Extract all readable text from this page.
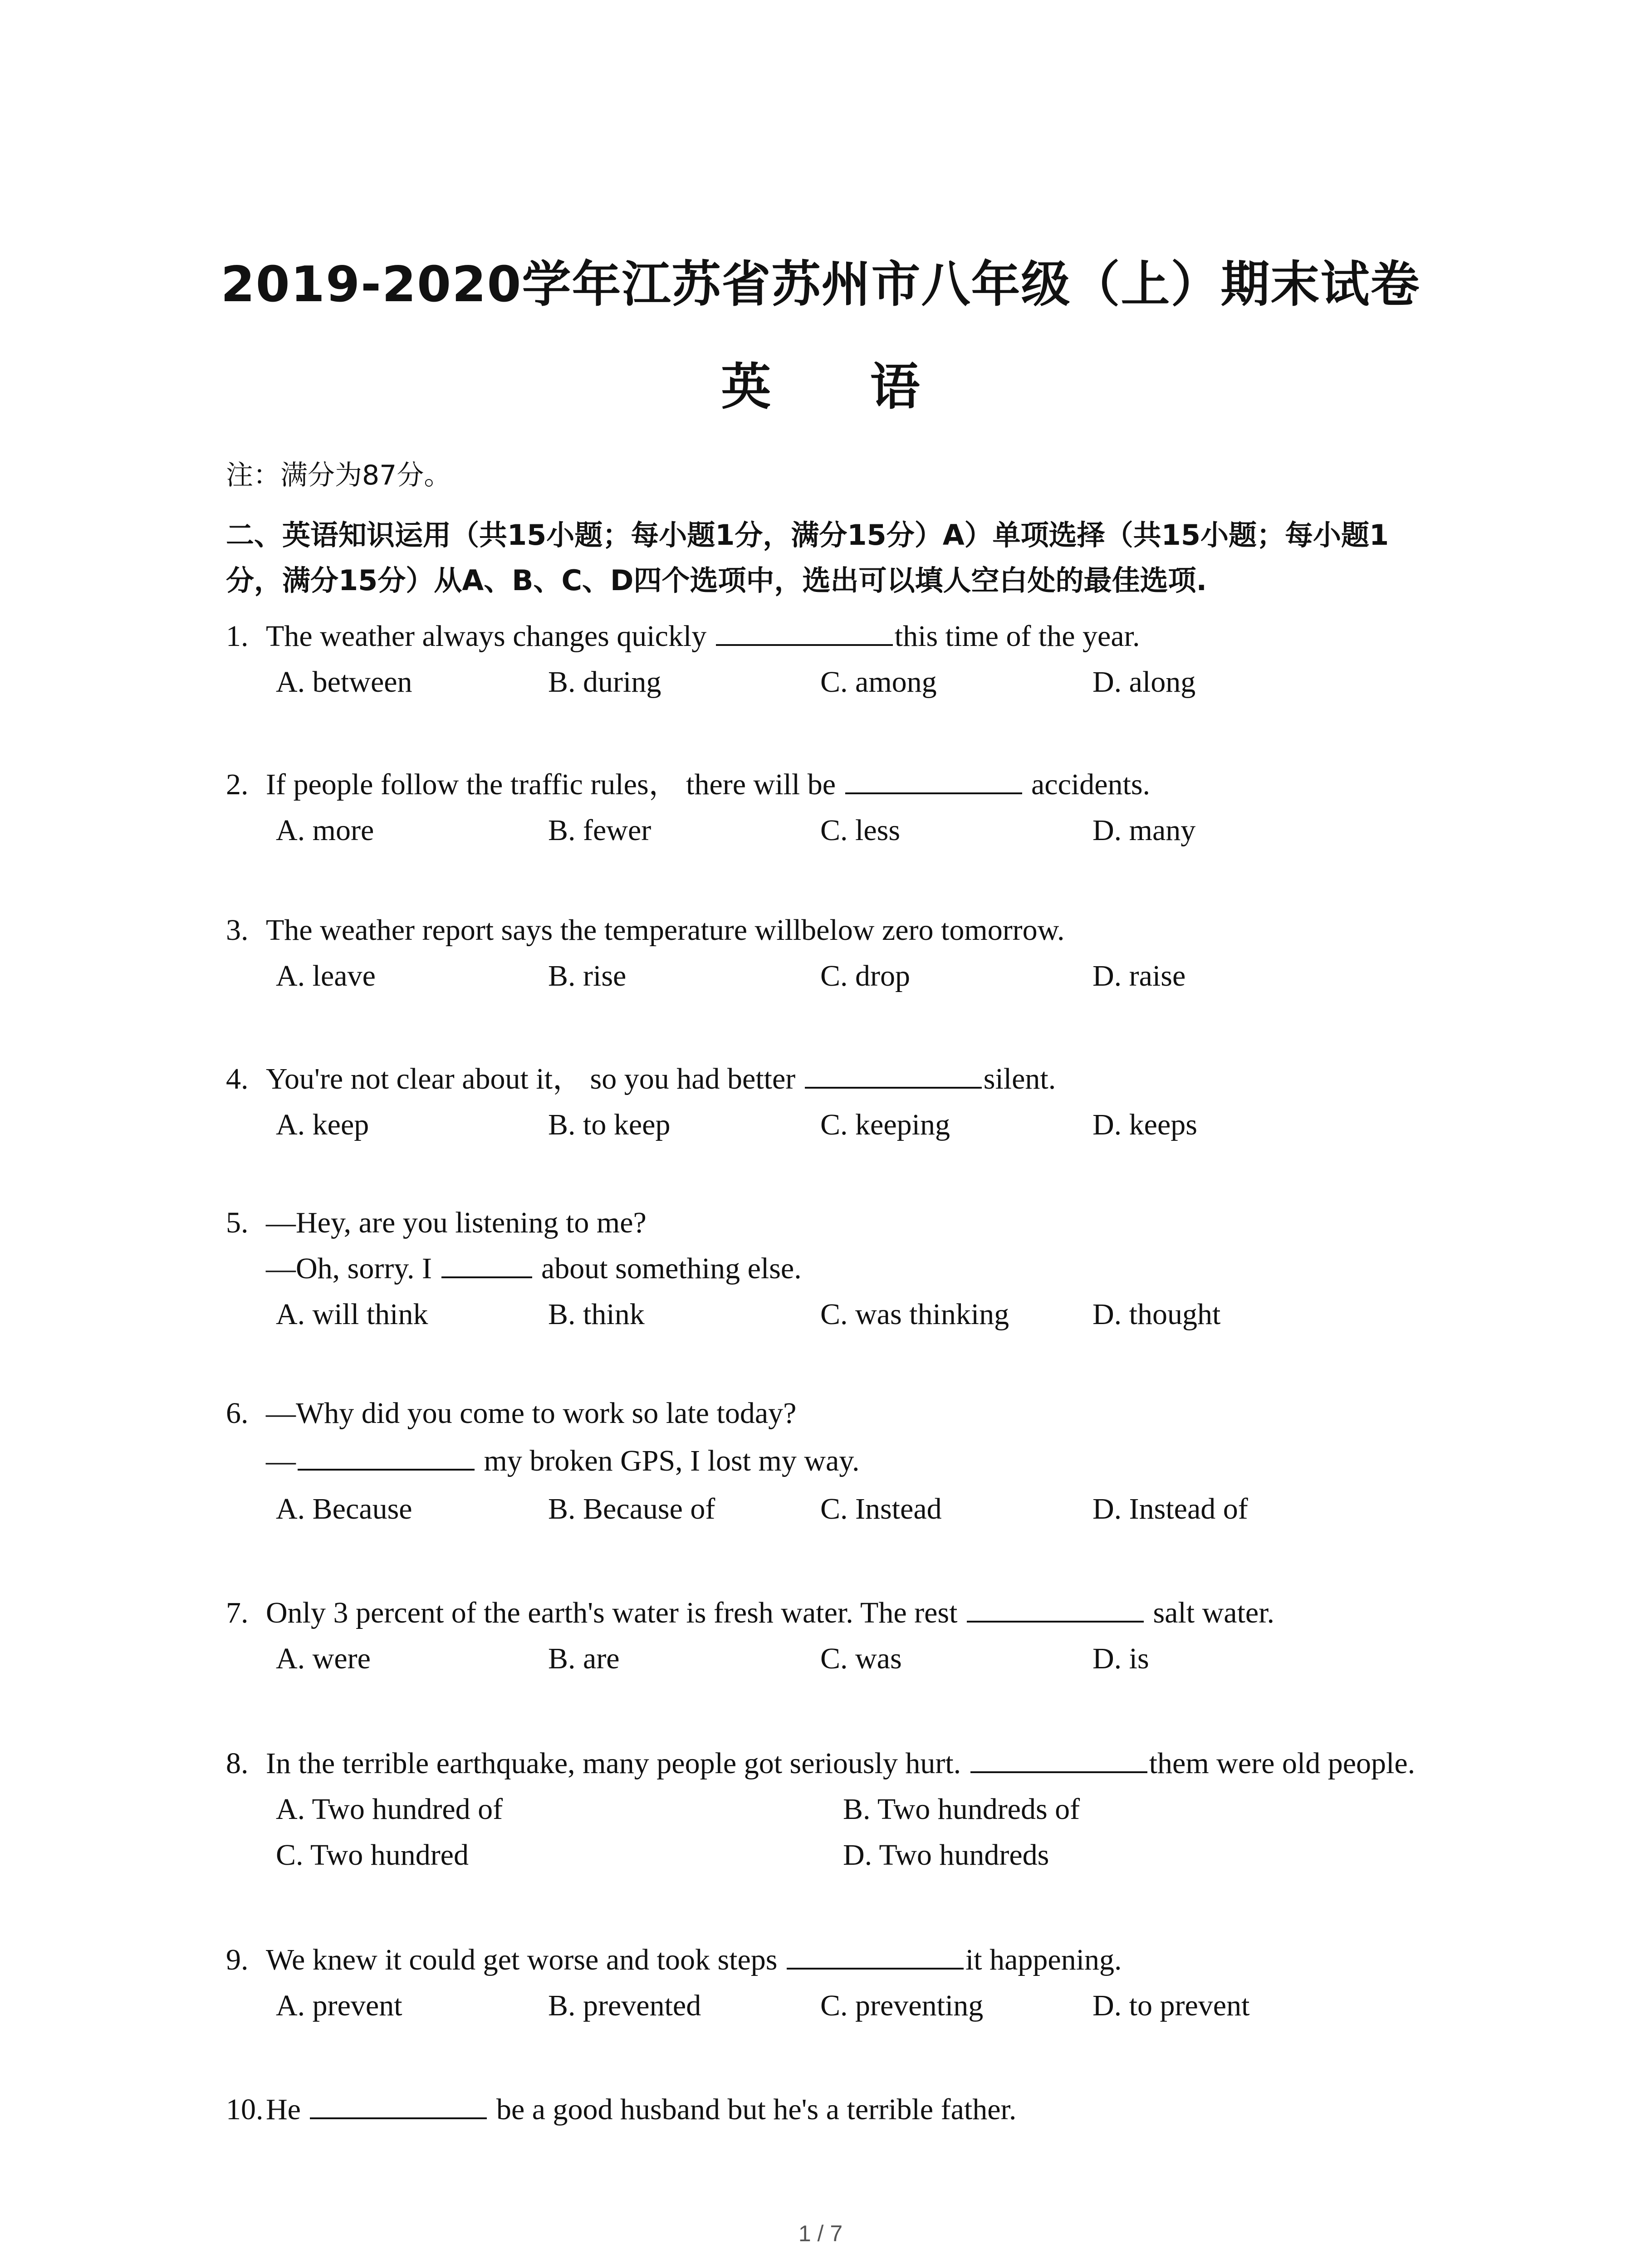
2019-2020学年江苏省苏州市八年级（上）期末试卷
英 语
注：满分为87分。
二、英语知识运用（共15小题；每小题1分，满分15分）A）单项选择（共15小题；每小题1
分，满分15分）从A、B、C、D四个选项中，选出可以填人空白处的最佳选项.
1. The weather always changes quickly	this time of the year.
A. between	B. during	C. among	D. along
2. If people follow the traffic rules， there will be	accidents.
A. more	B. fewer	C. less	D. many
3. The weather report says the temperature willbelow zero tomorrow.
A. leave	B. rise	C. drop	D. raise
4. You're not clear about it， so you had better	silent.
A. keep	B. to keep	C. keeping	D. keeps
5. —Hey, are you listening to me?
—Oh, sorry. I	about something else.
A. will think	B. think	C. was thinking	D. thought
6. —Why did you come to work so late today?
—	my broken GPS, I lost my way.
A. Because	B. Because of	C. Instead	D. Instead of
7. Only 3 percent of the earth's water is fresh water. The rest	salt water.
A. were	B. are	C. was	D. is
8. In the terrible earthquake, many people got seriously hurt.	them were old people.
A. Two hundred of	B. Two hundreds of
C. Two hundred	D. Two hundreds
9. We knew it could get worse and took steps	it happening.
A. prevent	B. prevented	C. preventing	D. to prevent
10.He	be a good husband but he's a terrible father.
1 / 7
